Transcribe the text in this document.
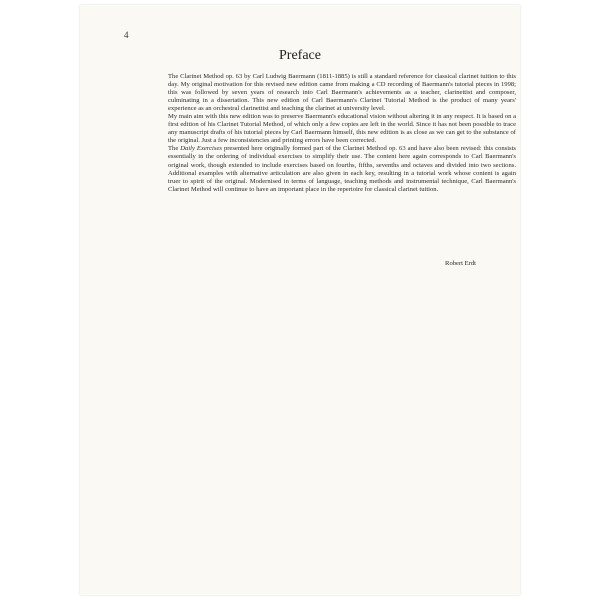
4
Preface

The Clarinet Method op. 63 by Carl Ludwig Baermann (1811-1885) is still a standard reference for classical clarinet tuition to this day. My original motivation for this revised new edition came from making a CD recording of Baermann's tutorial pieces in 1998; this was followed by seven years of research into Carl Baermann's achievements as a teacher, clarinettist and composer, culminating in a dissertation. This new edition of Carl Baermann's Clarinet Tutorial Method is the product of many years' experience as an orchestral clarinettist and teaching the clarinet at university level.

My main aim with this new edition was to preserve Baermann's educational vision without altering it in any respect. It is based on a first edition of his Clarinet Tutorial Method, of which only a few copies are left in the world. Since it has not been possible to trace any manuscript drafts of his tutorial pieces by Carl Baermann himself, this new edition is as close as we can get to the substance of the original. Just a few inconsistencies and printing errors have been corrected.

The Daily Exercises presented here originally formed part of the Clarinet Method op. 63 and have also been revised: this consists essentially in the ordering of individual exercises to simplify their use. The content here again corresponds to Carl Baermann's original work, though extended to include exercises based on fourths, fifths, sevenths and octaves and divided into two sections. Additional examples with alternative articulation are also given in each key, resulting in a tutorial work whose content is again truer to spirit of the original. Modernised in terms of language, teaching methods and instrumental technique, Carl Baermann's Clarinet Method will continue to have an important place in the repertoire for classical clarinet tuition.

Robert Erdt
